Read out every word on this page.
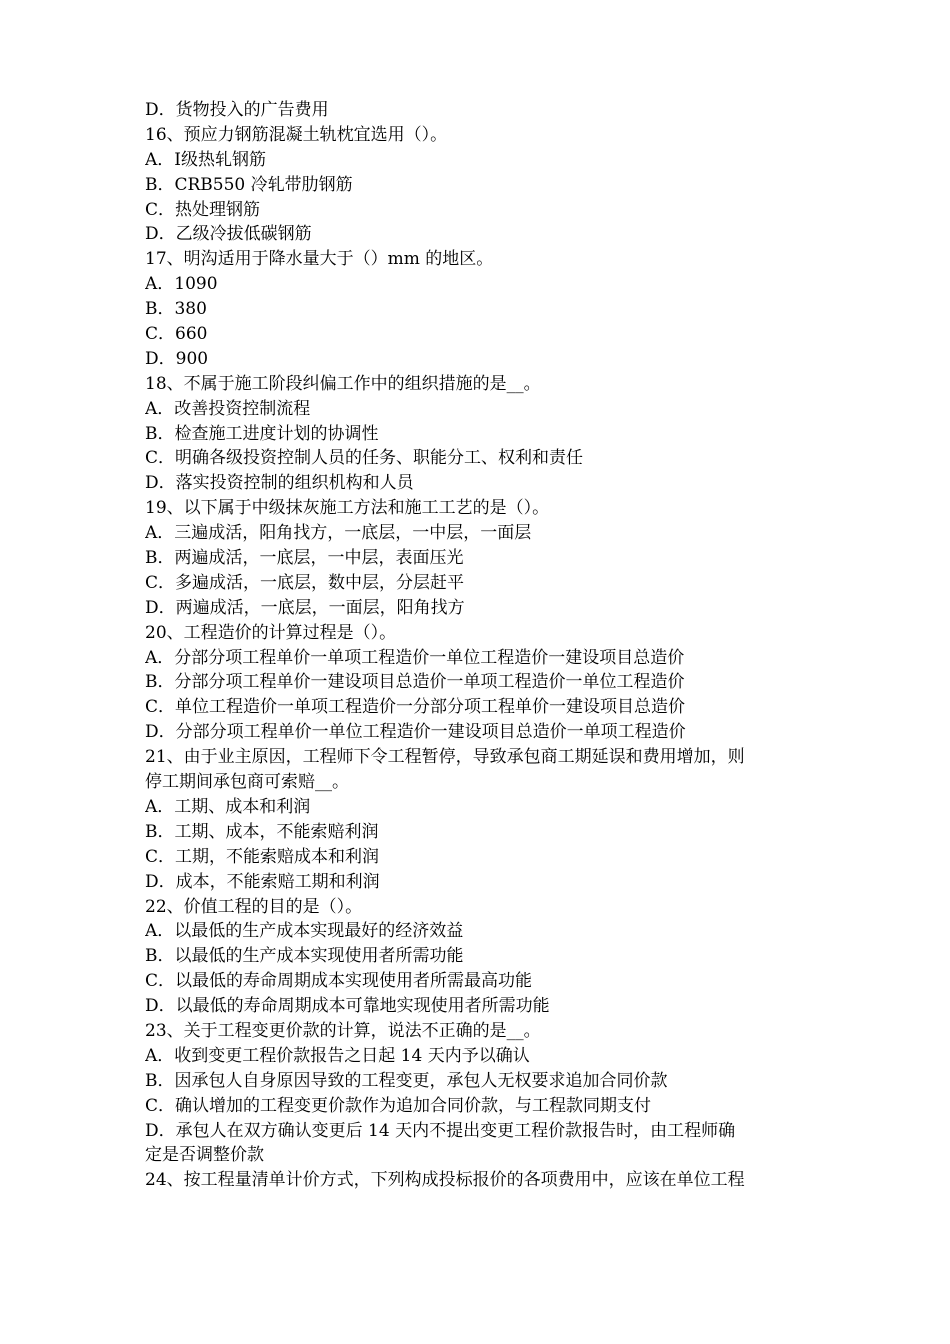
D．货物投入的广告费用
16、预应力钢筋混凝土轨枕宜选用（）。
A．Ⅰ级热轧钢筋
B．CRB550 冷轧带肋钢筋
C．热处理钢筋
D．乙级冷拔低碳钢筋
17、明沟适用于降水量大于（）mm 的地区。
A．1090
B．380
C．660
D．900
18、不属于施工阶段纠偏工作中的组织措施的是__。
A．改善投资控制流程
B．检查施工进度计划的协调性
C．明确各级投资控制人员的任务、职能分工、权利和责任
D．落实投资控制的组织机构和人员
19、以下属于中级抹灰施工方法和施工工艺的是（）。
A．三遍成活，阳角找方，一底层，一中层，一面层
B．两遍成活，一底层，一中层，表面压光
C．多遍成活，一底层，数中层，分层赶平
D．两遍成活，一底层，一面层，阳角找方
20、工程造价的计算过程是（）。
A．分部分项工程单价一单项工程造价一单位工程造价一建设项目总造价
B．分部分项工程单价一建设项目总造价一单项工程造价一单位工程造价
C．单位工程造价一单项工程造价一分部分项工程单价一建设项目总造价
D．分部分项工程单价一单位工程造价一建设项目总造价一单项工程造价
21、由于业主原因，工程师下令工程暂停，导致承包商工期延误和费用增加，则
停工期间承包商可索赔__。
A．工期、成本和利润
B．工期、成本，不能索赔利润
C．工期，不能索赔成本和利润
D．成本，不能索赔工期和利润
22、价值工程的目的是（）。
A．以最低的生产成本实现最好的经济效益
B．以最低的生产成本实现使用者所需功能
C．以最低的寿命周期成本实现使用者所需最高功能
D．以最低的寿命周期成本可靠地实现使用者所需功能
23、关于工程变更价款的计算，说法不正确的是__。
A．收到变更工程价款报告之日起 14 天内予以确认
B．因承包人自身原因导致的工程变更，承包人无权要求追加合同价款
C．确认增加的工程变更价款作为追加合同价款，与工程款同期支付
D．承包人在双方确认变更后 14 天内不提出变更工程价款报告时，由工程师确
定是否调整价款
24、按工程量清单计价方式，下列构成投标报价的各项费用中，应该在单位工程
